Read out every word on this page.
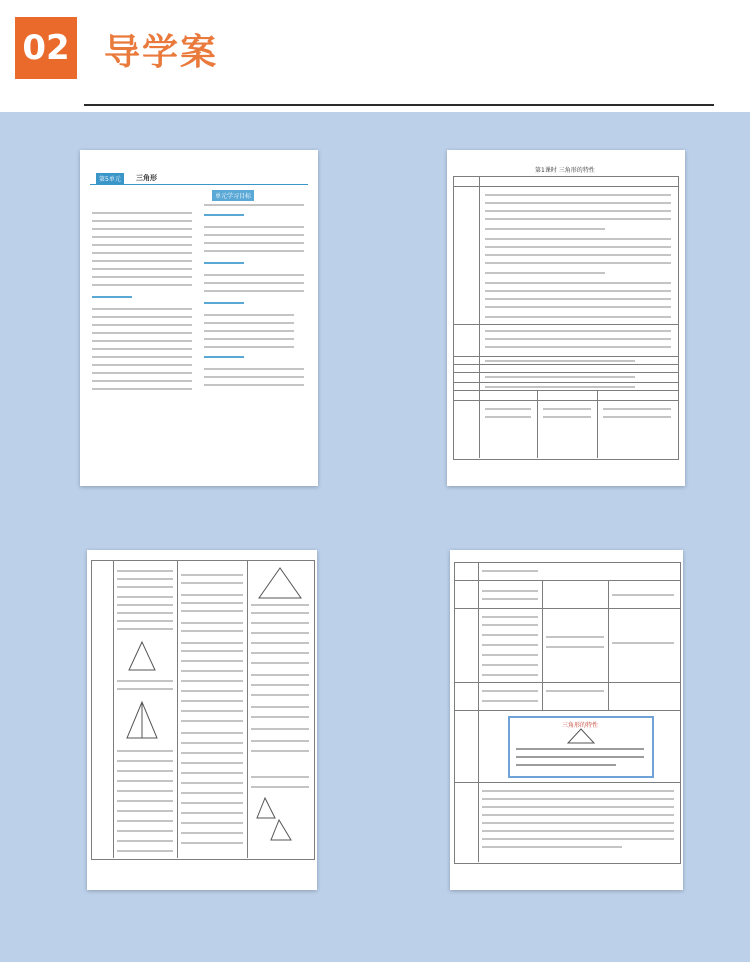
02 导学案
第5单元	三角形
单元学习目标
第1课时 三角形的特性
三角形的特性
